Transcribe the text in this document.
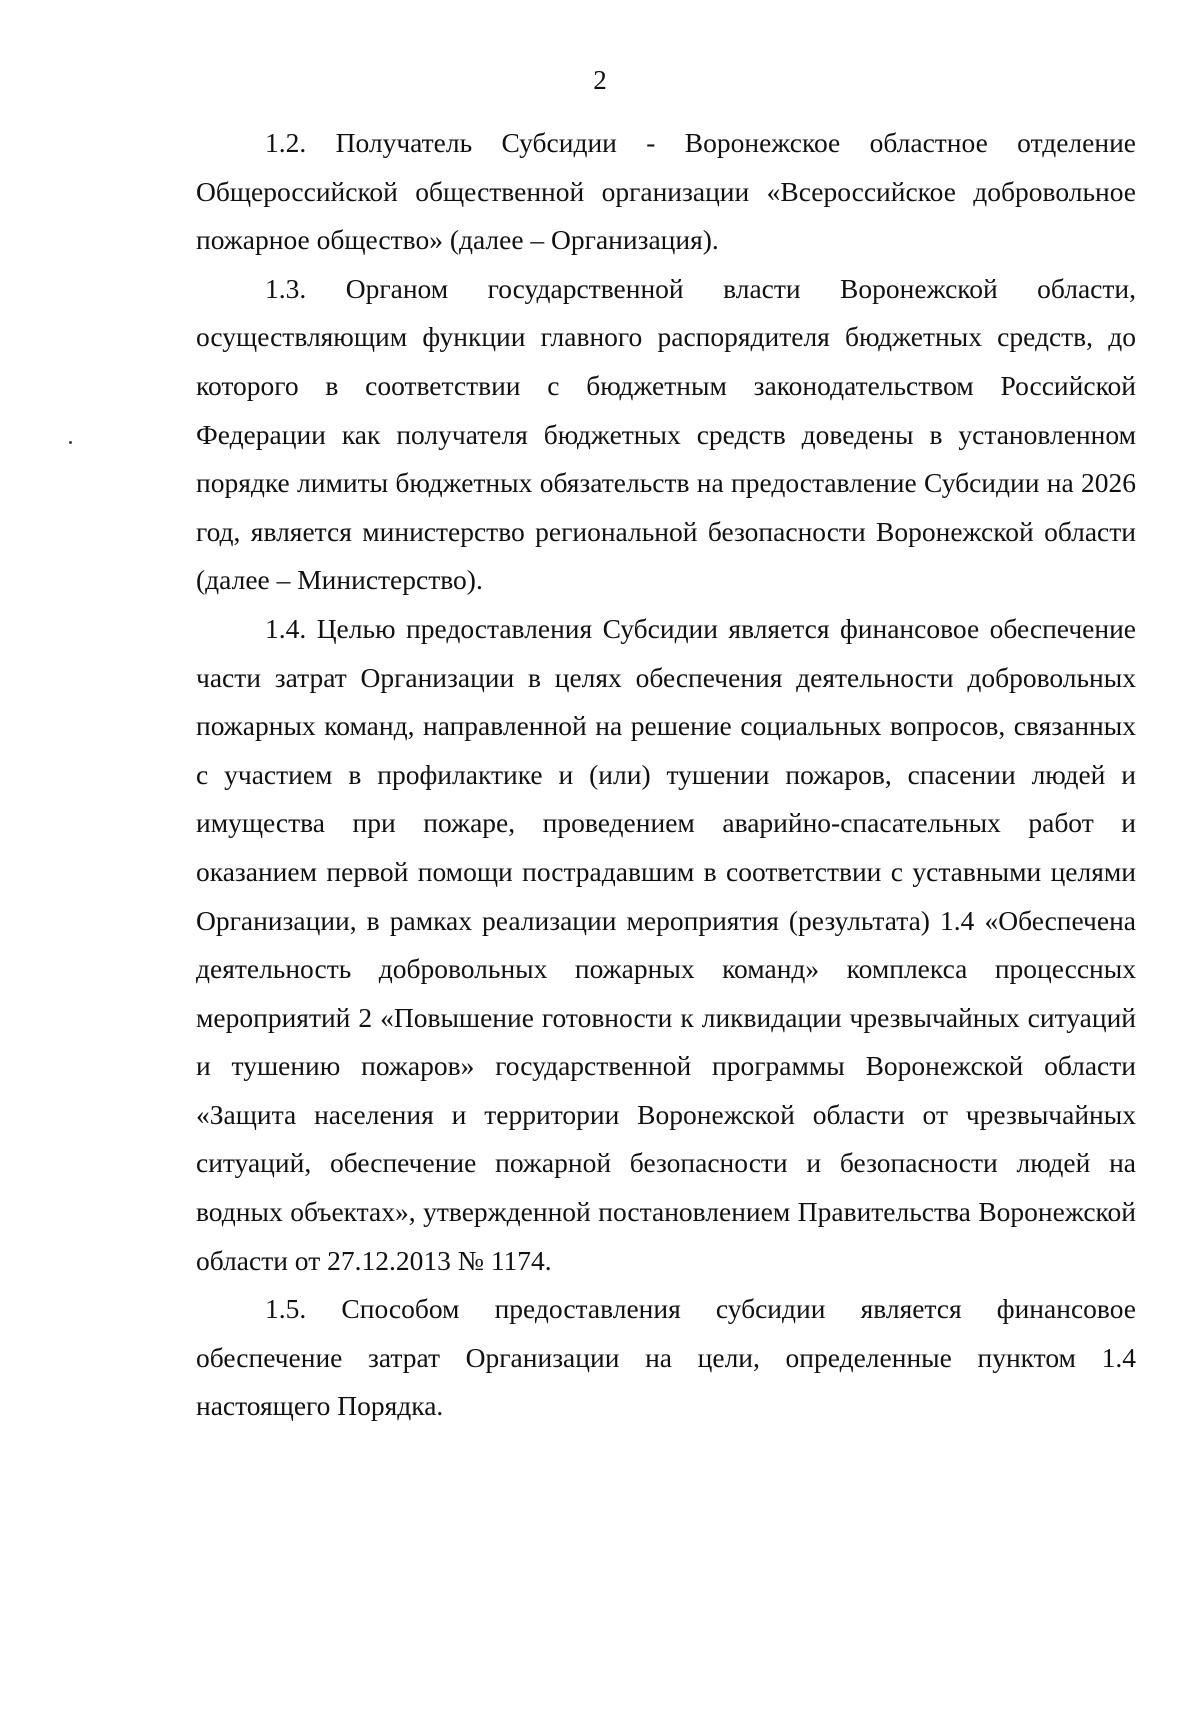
2

1.2. Получатель Субсидии - Воронежское областное отделение Общероссийской общественной организации «Всероссийское добровольное пожарное общество» (далее – Организация).

1.3. Органом государственной власти Воронежской области, осуществляющим функции главного распорядителя бюджетных средств, до которого в соответствии с бюджетным законодательством Российской Федерации как получателя бюджетных средств доведены в установленном порядке лимиты бюджетных обязательств на предоставление Субсидии на 2026 год, является министерство региональной безопасности Воронежской области (далее – Министерство).

1.4. Целью предоставления Субсидии является финансовое обеспечение части затрат Организации в целях обеспечения деятельности добровольных пожарных команд, направленной на решение социальных вопросов, связанных с участием в профилактике и (или) тушении пожаров, спасении людей и имущества при пожаре, проведением аварийно-спасательных работ и оказанием первой помощи пострадавшим в соответствии с уставными целями Организации, в рамках реализации мероприятия (результата) 1.4 «Обеспечена деятельность добровольных пожарных команд» комплекса процессных мероприятий 2 «Повышение готовности к ликвидации чрезвычайных ситуаций и тушению пожаров» государственной программы Воронежской области «Защита населения и территории Воронежской области от чрезвычайных ситуаций, обеспечение пожарной безопасности и безопасности людей на водных объектах», утвержденной постановлением Правительства Воронежской области от 27.12.2013 № 1174.

1.5. Способом предоставления субсидии является финансовое обеспечение затрат Организации на цели, определенные пунктом 1.4 настоящего Порядка.
